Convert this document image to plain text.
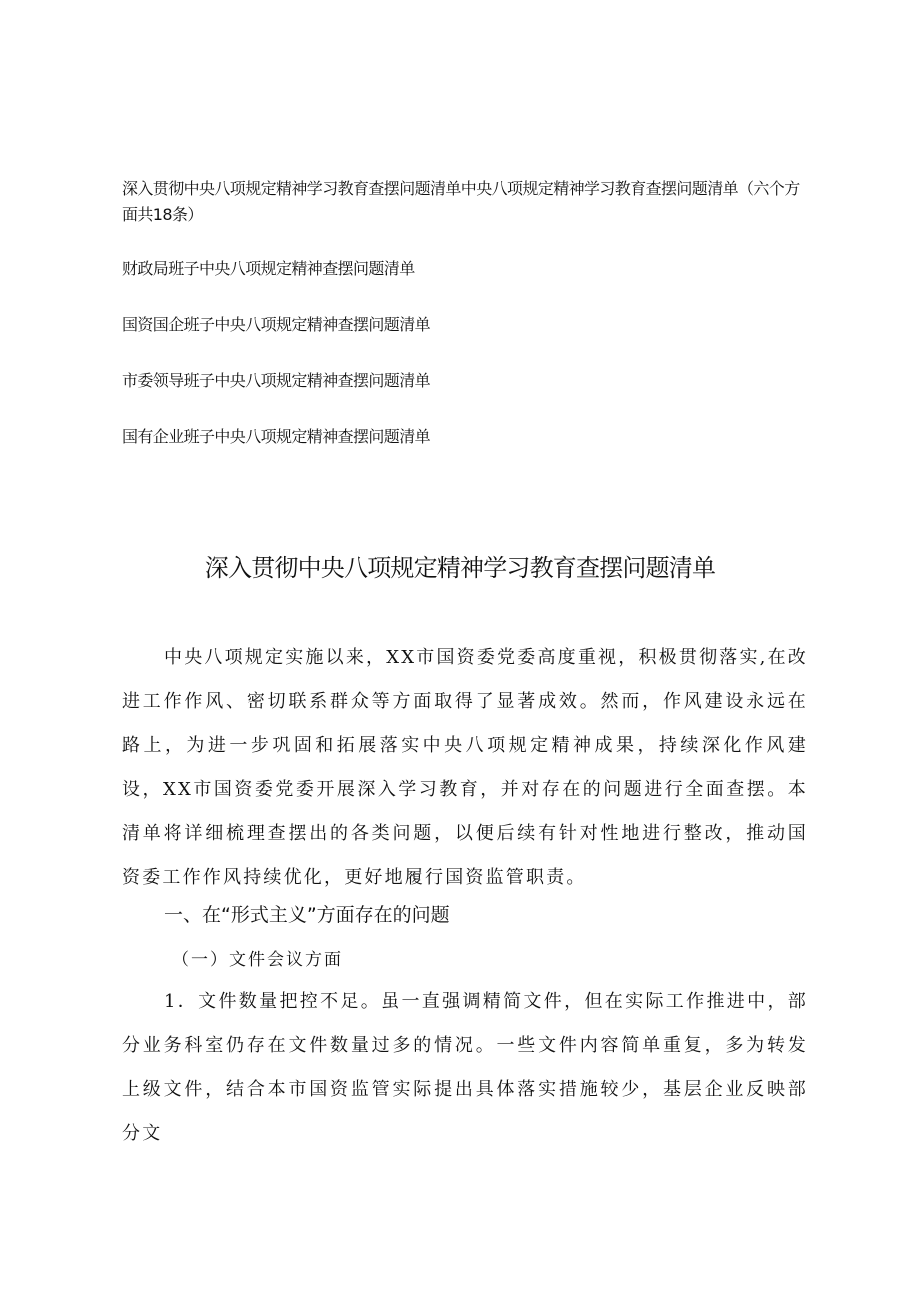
深入贯彻中央八项规定精神学习教育查摆问题清单中央八项规定精神学习教育查摆问题清单（六个方面共18条）
财政局班子中央八项规定精神查摆问题清单
国资国企班子中央八项规定精神查摆问题清单
市委领导班子中央八项规定精神查摆问题清单
国有企业班子中央八项规定精神查摆问题清单
深入贯彻中央八项规定精神学习教育查摆问题清单

中央八项规定实施以来，XX市国资委党委高度重视，积极贯彻落实,在改进工作作风、密切联系群众等方面取得了显著成效。然而，作风建设永远在路上，为进一步巩固和拓展落实中央八项规定精神成果，持续深化作风建设，XX市国资委党委开展深入学习教育，并对存在的问题进行全面查摆。本清单将详细梳理查摆出的各类问题，以便后续有针对性地进行整改，推动国资委工作作风持续优化，更好地履行国资监管职责。

一、在“形式主义”方面存在的问题
（一）文件会议方面

1．文件数量把控不足。虽一直强调精简文件，但在实际工作推进中，部分业务科室仍存在文件数量过多的情况。一些文件内容简单重复，多为转发上级文件，结合本市国资监管实际提出具体落实措施较少，基层企业反映部分文
